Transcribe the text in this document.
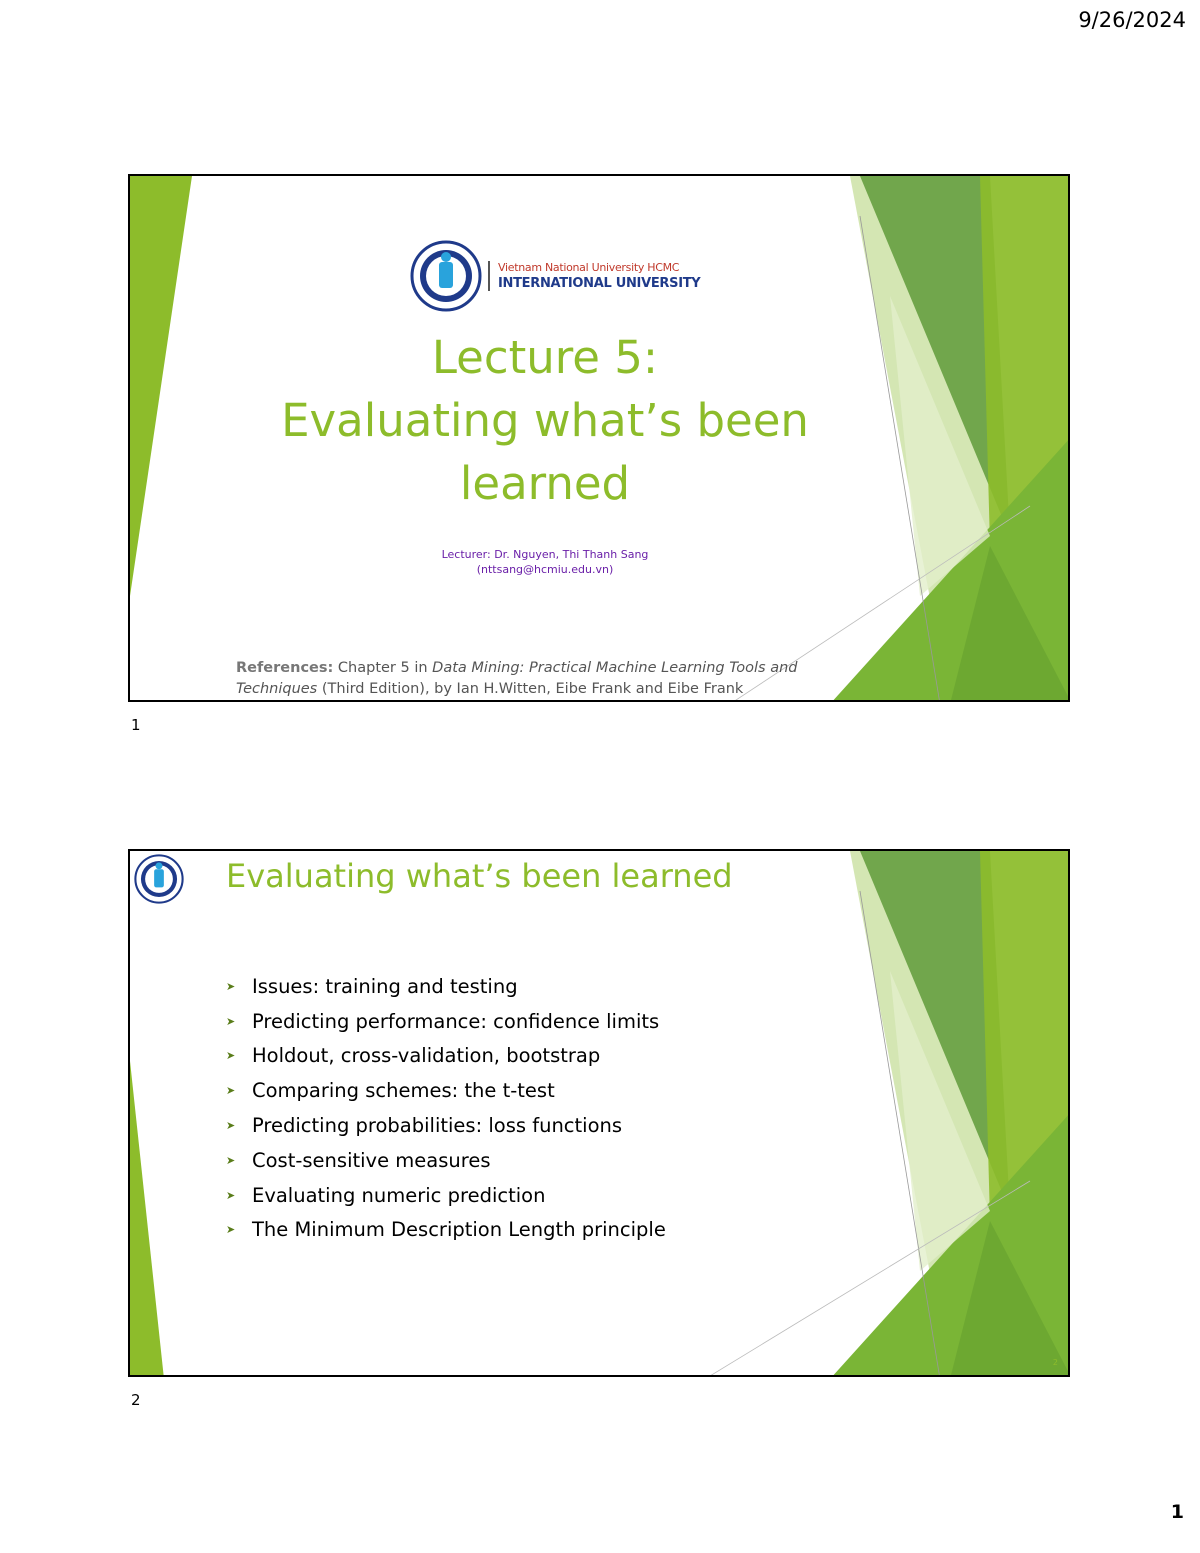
9/26/2024
Vietnam National University HCMC
INTERNATIONAL UNIVERSITY
Lecture 5:
Evaluating what’s been
learned
Lecturer: Dr. Nguyen, Thi Thanh Sang
(nttsang@hcmiu.edu.vn)
References: Chapter 5 in Data Mining: Practical Machine Learning Tools and Techniques (Third Edition), by Ian H.Witten, Eibe Frank and Eibe Frank
1
Evaluating what’s been learned
➤ Issues: training and testing
➤ Predicting performance: confidence limits
➤ Holdout, cross-validation, bootstrap
➤ Comparing schemes: the t-test
➤ Predicting probabilities: loss functions
➤ Cost-sensitive measures
➤ Evaluating numeric prediction
➤ The Minimum Description Length principle
2
2
1
